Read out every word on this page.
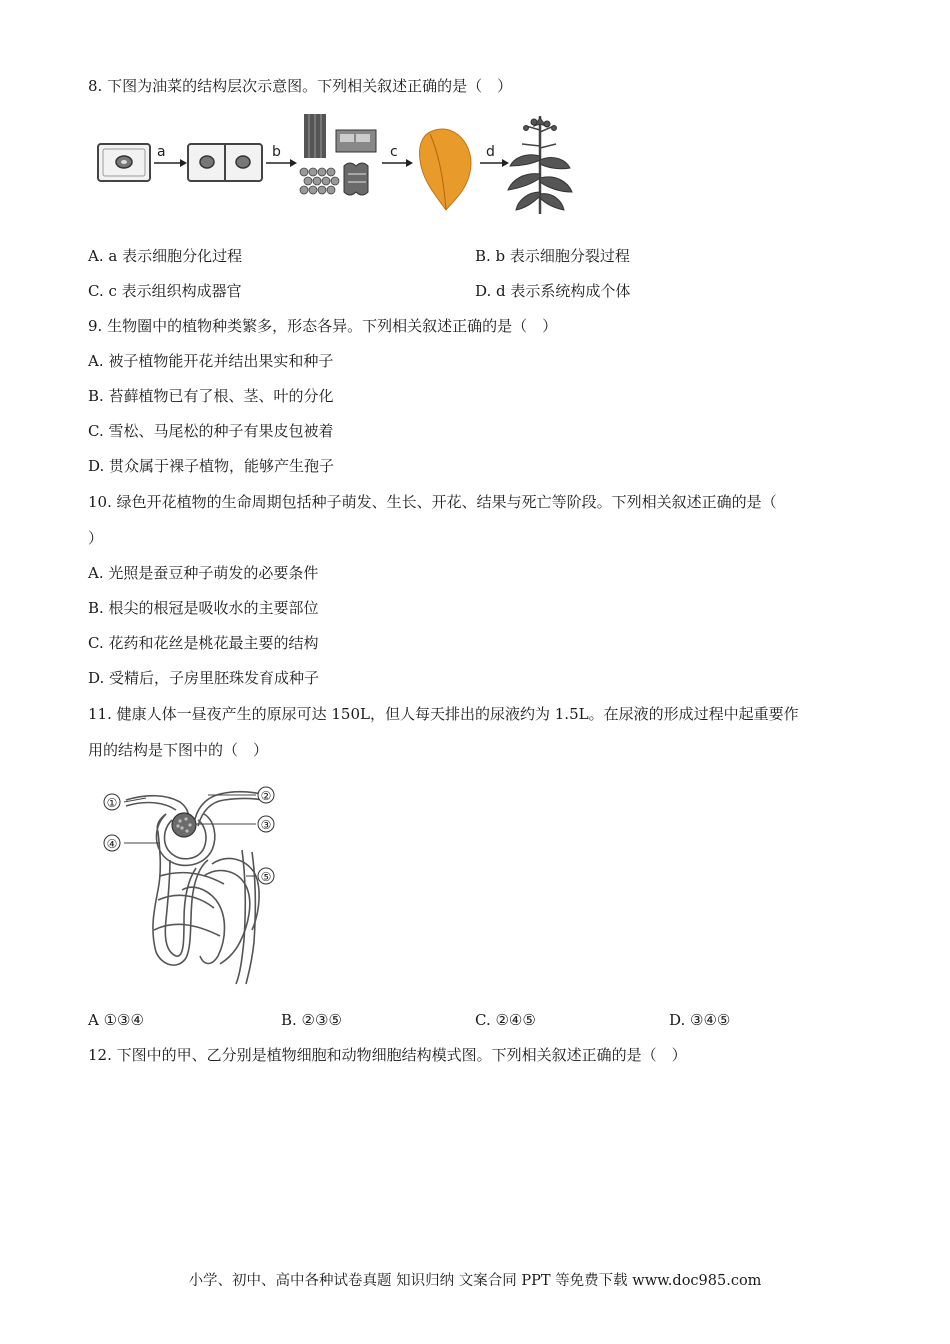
8. 下图为油菜的结构层次示意图。下列相关叙述正确的是（　）
a	b	c	d
A. a 表示细胞分化过程	B. b 表示细胞分裂过程
C. c 表示组织构成器官	D. d 表示系统构成个体
9. 生物圈中的植物种类繁多，形态各异。下列相关叙述正确的是（　）
A. 被子植物能开花并结出果实和种子
B. 苔藓植物已有了根、茎、叶的分化
C. 雪松、马尾松的种子有果皮包被着
D. 贯众属于裸子植物，能够产生孢子
10. 绿色开花植物的生命周期包括种子萌发、生长、开花、结果与死亡等阶段。下列相关叙述正确的是（
）
A. 光照是蚕豆种子萌发的必要条件
B. 根尖的根冠是吸收水的主要部位
C. 花药和花丝是桃花最主要的结构
D. 受精后，子房里胚珠发育成种子
11. 健康人体一昼夜产生的原尿可达 150L，但人每天排出的尿液约为 1.5L。在尿液的形成过程中起重要作
用的结构是下图中的（　）
①	②
③
④
⑤
A ①③④	B. ②③⑤	C. ②④⑤	D. ③④⑤
12. 下图中的甲、乙分别是植物细胞和动物细胞结构模式图。下列相关叙述正确的是（　）
小学、初中、高中各种试卷真题 知识归纳 文案合同 PPT 等免费下载 www.doc985.com
